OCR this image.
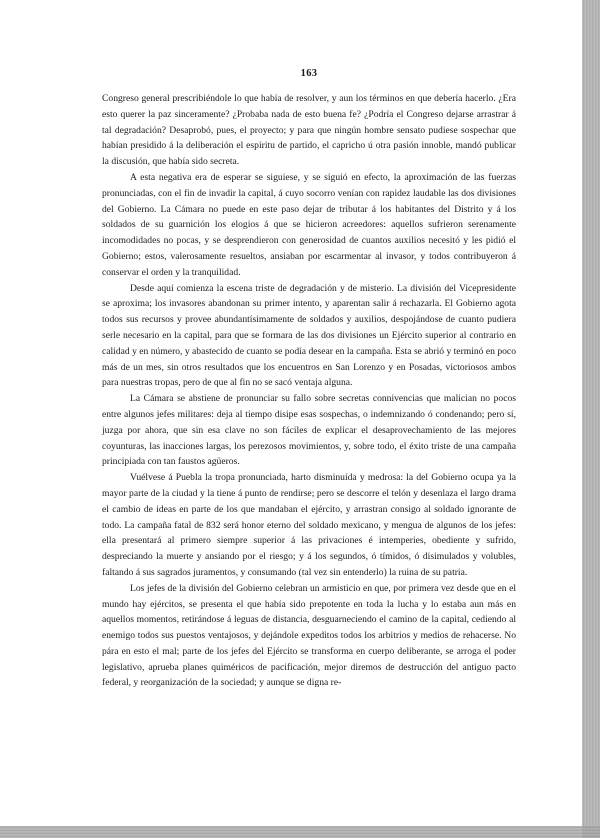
163

Congreso general prescribiéndole lo que había de resolver, y aun los términos en que debería hacerlo. ¿Era esto querer la paz sinceramente? ¿Probaba nada de esto buena fe? ¿Podría el Congreso dejarse arrastrar á tal degradación? Desaprobó, pues, el proyecto; y para que ningún hombre sensato pudiese sospechar que habían presidido á la deliberación el espíritu de partido, el capricho ú otra pasión innoble, mandó publicar la discusión, que había sido secreta.

A esta negativa era de esperar se siguiese, y se siguió en efecto, la aproximación de las fuerzas pronunciadas, con el fin de invadir la capital, á cuyo socorro venían con rapidez laudable las dos divisiones del Gobierno. La Cámara no puede en este paso dejar de tributar á los habitantes del Distrito y á los soldados de su guarnición los elogios á que se hicieron acreedores: aquellos sufrieron serenamente incomodidades no pocas, y se desprendieron con generosidad de cuantos auxilios necesitó y les pidió el Gobierno; estos, valerosamente resueltos, ansiaban por escarmentar al invasor, y todos contribuyeron á conservar el orden y la tranquilidad.

Desde aquí comienza la escena triste de degradación y de misterio. La división del Vicepresidente se aproxima; los invasores abandonan su primer intento, y aparentan salir á rechazarla. El Gobierno agota todos sus recursos y provee abundantísimamente de soldados y auxilios, despojándose de cuanto pudiera serle necesario en la capital, para que se formara de las dos divisiones un Ejército superior al contrario en calidad y en número, y abastecido de cuanto se podía desear en la campaña. Esta se abrió y terminó en poco más de un mes, sin otros resultados que los encuentros en San Lorenzo y en Posadas, victoriosos ambos para nuestras tropas, pero de que al fin no se sacó ventaja alguna.

La Cámara se abstiene de pronunciar su fallo sobre secretas connivencias que malician no pocos entre algunos jefes militares: deja al tiempo disipe esas sospechas, o indemnizando ó condenando; pero sí, juzga por ahora, que sin esa clave no son fáciles de explicar el desaprovechamiento de las mejores coyunturas, las inacciones largas, los perezosos movimientos, y, sobre todo, el éxito triste de una campaña principiada con tan faustos agüeros.

Vuélvese á Puebla la tropa pronunciada, harto disminuída y medrosa: la del Gobierno ocupa ya la mayor parte de la ciudad y la tiene á punto de rendirse; pero se descorre el telón y desenlaza el largo drama el cambio de ideas en parte de los que mandaban el ejército, y arrastran consigo al soldado ignorante de todo. La campaña fatal de 832 será honor eterno del soldado mexicano, y mengua de algunos de los jefes: ella presentará al primero siempre superior á las privaciones é intemperies, obediente y sufrido, despreciando la muerte y ansiando por el riesgo; y á los segundos, ó tímidos, ó disimulados y volubles, faltando á sus sagrados juramentos, y consumando (tal vez sin entenderlo) la ruina de su patria.

Los jefes de la división del Gobierno celebran un armisticio en que, por primera vez desde que en el mundo hay ejércitos, se presenta el que había sido prepotente en toda la lucha y lo estaba aun más en aquellos momentos, retirándose á leguas de distancia, desguarneciendo el camino de la capital, cediendo al enemigo todos sus puestos ventajosos, y dejándole expeditos todos los arbitrios y medios de rehacerse. No pára en esto el mal; parte de los jefes del Ejército se transforma en cuerpo deliberante, se arroga el poder legislativo, aprueba planes quiméricos de pacificación, mejor diremos de destrucción del antiguo pacto federal, y reorganización de la sociedad; y aunque se digna re-
